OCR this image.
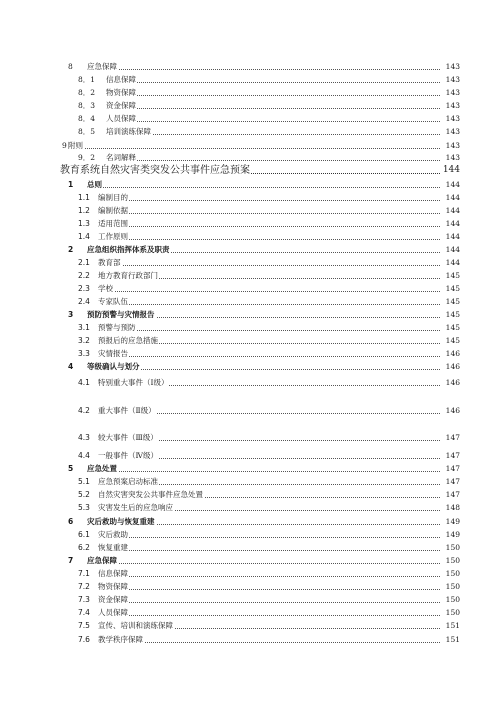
8 应急保障	143
8．1 信息保障	143
8．2 物资保障	143
8．3 资金保障	143
8．4 人员保障	143
8．5 培训演练保障	143
9 附则	143
9．2 名词解释	143
教育系统自然灾害类突发公共事件应急预案	144
1 总则	144
1.1 编制目的	144
1.2 编制依据	144
1.3 适用范围	144
1.4 工作原则	144
2 应急组织指挥体系及职责	144
2.1 教育部	144
2.2 地方教育行政部门	145
2.3 学校	145
2.4 专家队伍	145
3 预防预警与灾情报告	145
3.1 预警与预防	145
3.2 预报后的应急措施	145
3.3 灾情报告	146
4 等级确认与划分	146
4.1 特别重大事件（Ⅰ级）	146
4.2 重大事件（Ⅱ级）	146
4.3 较大事件（Ⅲ级）	147
4.4 一般事件（Ⅳ级）	147
5 应急处置	147
5.1 应急预案启动标准	147
5.2 自然灾害突发公共事件应急处置	147
5.3 灾害发生后的应急响应	148
6 灾后救助与恢复重建	149
6.1 灾后救助	149
6.2 恢复重建	150
7 应急保障	150
7.1 信息保障	150
7.2 物资保障	150
7.3 资金保障	150
7.4 人员保障	150
7.5 宣传、培训和演练保障	151
7.6 教学秩序保障	151
